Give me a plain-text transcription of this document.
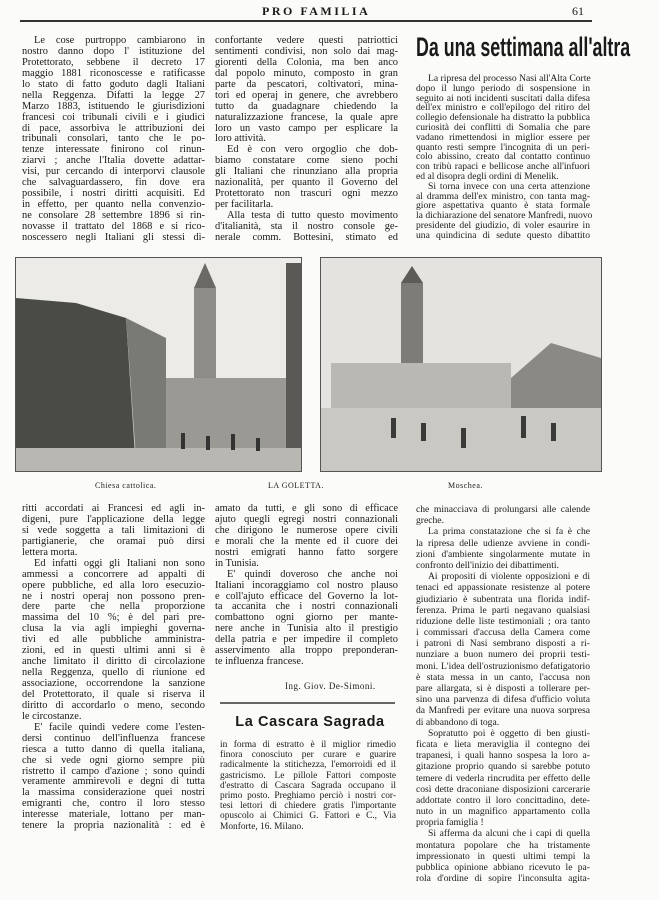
PRO FAMILIA	61
Le cose purtroppo cambiarono in
nostro danno dopo l' istituzione del
Protettorato, sebbene il decreto 17
maggio 1881 riconoscesse e ratificasse
lo stato di fatto goduto dagli Italiani
nella Reggenza. Difatti la legge 27
Marzo 1883, istituendo le giurisdizioni
francesi coi tribunali civili e i giudici
di pace, assorbiva le attribuzioni dei
tribunali consolari, tanto che le po-
tenze interessate finirono col rinun-
ziarvi ; anche l'Italia dovette adattar-
visi, pur cercando di interporvi clausole
che salvaguardassero, fin dove era
possibile, i nostri diritti acquisiti. Ed
in effetto, per quanto nella convenzio-
ne consolare 28 settembre 1896 si rin-
novasse il trattato del 1868 e si rico-
noscessero negli Italiani gli stessi di-
confortante vedere questi patriottici
sentimenti condivisi, non solo dai mag-
giorenti della Colonia, ma ben anco
dal popolo minuto, composto in gran
parte da pescatori, coltivatori, mina-
tori ed operaj in genere, che avrebbero
tutto da guadagnare chiedendo la
naturalizzazione francese, la quale apre
loro un vasto campo per esplicare la
loro attività.
Ed è con vero orgoglio che dob-
biamo constatare come sieno pochi
gli Italiani che rinunziano alla propria
nazionalità, per quanto il Governo del
Protettorato non trascuri ogni mezzo
per facilitarla.
Alla testa di tutto questo movimento
d'italianità, sta il nostro console ge-
nerale comm. Bottesini, stimato ed
Da una settimana all'altra
La ripresa del processo Nasi all'Alta Corte
dopo il lungo periodo di sospensione in
seguito ai noti incidenti suscitati dalla difesa
dell'ex ministro e coll'epilogo del ritiro del
collegio defensionale ha distratto la pubblica
curiosità dei conflitti di Somalia che pare
vadano rimettendosi in miglior essere per
quanto resti sempre l'incognita di un peri-
colo abissino, creato dal contatto continuo
con tribù rapaci e bellicose anche all'infuori
ed al disopra degli ordini di Menelik.
Si torna invece con una certa attenzione
al dramma dell'ex ministro, con tanta mag-
giore aspettativa quanto è stata formale
la dichiarazione del senatore Manfredi, nuovo
presidente del giudizio, di voler esaurire in
una quindicina di sedute questo dibattito
Chiesa cattolica.	LA GOLETTA.	Moschea.
ritti accordati ai Francesi ed agli in-
digeni, pure l'applicazione della legge
si vede soggetta a tali limitazioni di
partigianerie, che oramai può dirsi
lettera morta.
Ed infatti oggi gli Italiani non sono
ammessi a concorrere ad appalti di
opere pubbliche, ed alla loro esecuzio-
ne i nostri operaj non possono pren-
dere parte che nella proporzione
massima del 10 %; è del pari pre-
clusa la via agli impieghi governa-
tivi ed alle pubbliche amministra-
zioni, ed in questi ultimi anni si è
anche limitato il diritto di circolazione
nella Reggenza, quello di riunione ed
associazione, occorrendone la sanzione
del Protettorato, il quale si riserva il
diritto di accordarlo o meno, secondo
le circostanze.
E' facile quindi vedere come l'esten-
dersi continuo dell'influenza francese
riesca a tutto danno di quella italiana,
che si vede ogni giorno sempre più
ristretto il campo d'azione ; sono quindi
veramente ammirevoli e degni di tutta
la massima considerazione quei nostri
emigranti che, contro il loro stesso
interesse materiale, lottano per man-
tenere la propria nazionalità : ed è
amato da tutti, e gli sono di efficace
ajuto quegli egregi nostri connazionali
che dirigono le numerose opere civili
e morali che la mente ed il cuore dei
nostri emigrati hanno fatto sorgere
in Tunisia.
E' quindi doveroso che anche noi
Italiani incoraggiamo col nostro plauso
e coll'ajuto efficace del Governo la lot-
ta accanita che i nostri connazionali
combattono ogni giorno per mante-
nere anche in Tunisia alto il prestigio
della patria e per impedire il completo
asservimento alla troppo preponderan-
te influenza francese.
Ing. Giov. De-Simoni.
La Cascara Sagrada
in forma di estratto è il miglior rimedio
finora conosciuto per curare e guarire
radicalmente la stitichezza, l'emorroidi ed il
gastricismo. Le pillole Fattori composte
d'estratto di Cascara Sagrada occupano il
primo posto. Preghiamo perciò i nostri cor-
tesi lettori di chiedere gratis l'importante
opuscolo ai Chimici G. Fattori e C., Via
Monforte, 16. Milano.
che minacciava di prolungarsi alle calende
greche.
La prima constatazione che si fa è che
la ripresa delle udienze avviene in condi-
zioni d'ambiente singolarmente mutate in
confronto dell'inizio dei dibattimenti.
Ai propositi di violente opposizioni e di
tenaci ed appassionate resistenze al potere
giudiziario è subentrata una florida indif-
ferenza. Prima le parti negavano qualsiasi
riduzione delle liste testimoniali ; ora tanto
i commissari d'accusa della Camera come
i patroni di Nasi sembrano disposti a ri-
nunziare a buon numero dei proprii testi-
moni. L'idea dell'ostruzionismo defatigatorio
è stata messa in un canto, l'accusa non
pare allargata, si è disposti a tollerare per-
sino una parvenza di difesa d'ufficio voluta
da Manfredi per evitare una nuova sorpresa
di abbandono di toga.
Sopratutto poi è oggetto di ben giusti-
ficata e lieta meraviglia il contegno dei
trapanesi, i quali hanno sospesa la loro a-
gitazione proprio quando si sarebbe potuto
temere di vederla rincrudita per effetto delle
così dette draconiane disposizioni carcerarie
addottate contro il loro concittadino, dete-
nuto in un magnifico appartamento colla
propria famiglia !
Si afferma da alcuni che i capi di quella
montatura popolare che ha tristamente
impressionato in questi ultimi tempi la
pubblica opinione abbiano ricevuto le pa-
rola d'ordine di sopire l'inconsulta agita-
